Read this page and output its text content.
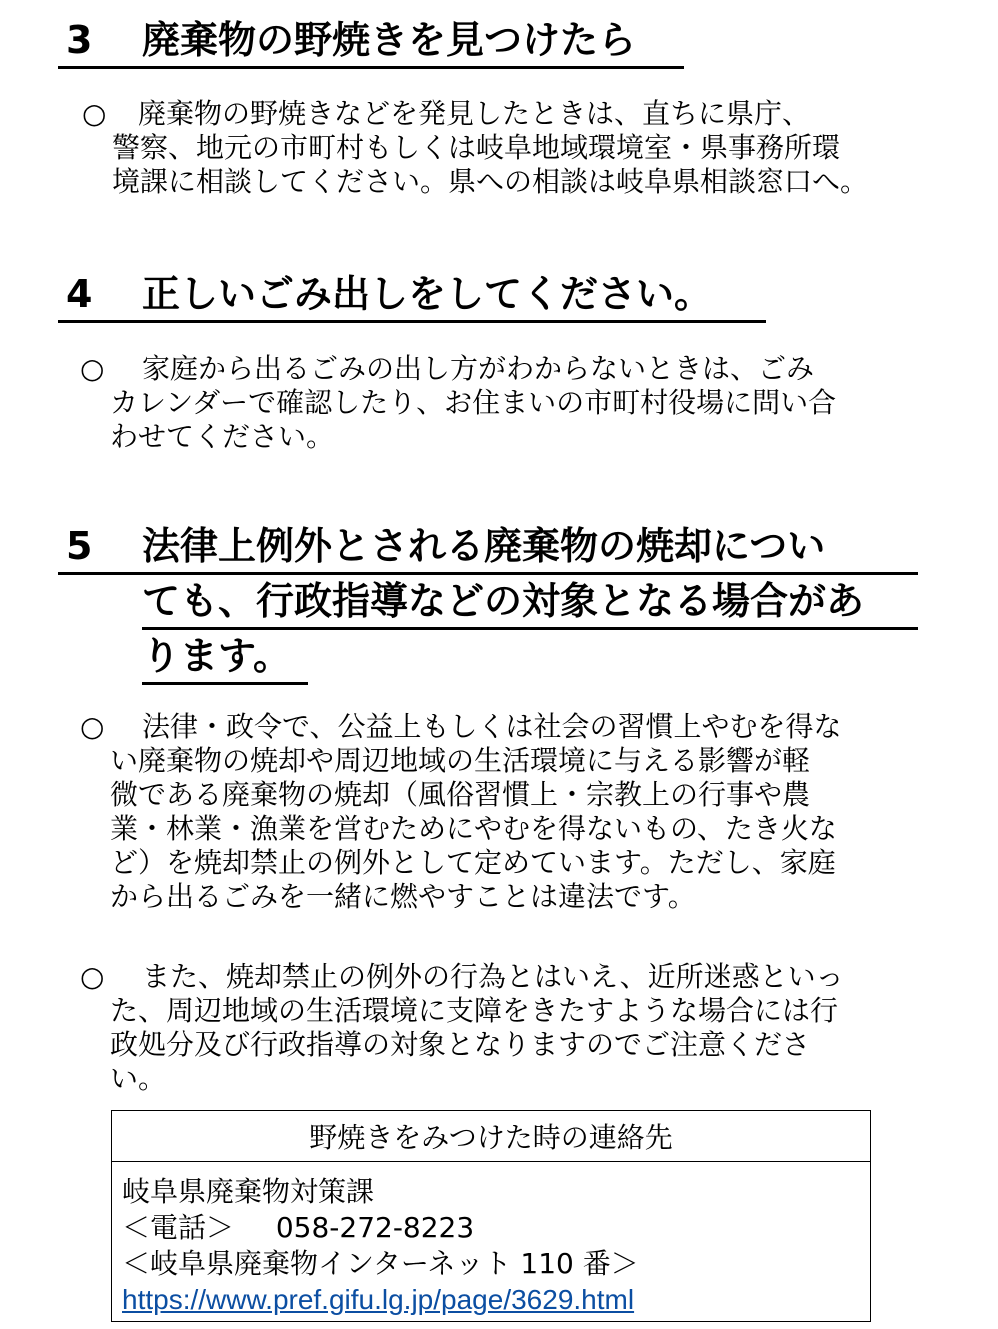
3	廃棄物の野焼きを見つけたら
○ 廃棄物の野焼きなどを発見したときは、直ちに県庁、
警察、地元の市町村もしくは岐阜地域環境室・県事務所環
境課に相談してください。県への相談は岐阜県相談窓口へ。
4	正しいごみ出しをしてください。
○ 家庭から出るごみの出し方がわからないときは、ごみ
カレンダーで確認したり、お住まいの市町村役場に問い合
わせてください。
5	法律上例外とされる廃棄物の焼却につい
ても、行政指導などの対象となる場合があ
ります。
○ 法律・政令で、公益上もしくは社会の習慣上やむを得な
い廃棄物の焼却や周辺地域の生活環境に与える影響が軽
微である廃棄物の焼却（風俗習慣上・宗教上の行事や農
業・林業・漁業を営むためにやむを得ないもの、たき火な
ど）を焼却禁止の例外として定めています。ただし、家庭
から出るごみを一緒に燃やすことは違法です。
○ また、焼却禁止の例外の行為とはいえ、近所迷惑といっ
た、周辺地域の生活環境に支障をきたすような場合には行
政処分及び行政指導の対象となりますのでご注意くださ
い。
野焼きをみつけた時の連絡先
岐阜県廃棄物対策課
＜電話＞ 058-272-8223
＜岐阜県廃棄物インターネット 110 番＞
https://www.pref.gifu.lg.jp/page/3629.html
